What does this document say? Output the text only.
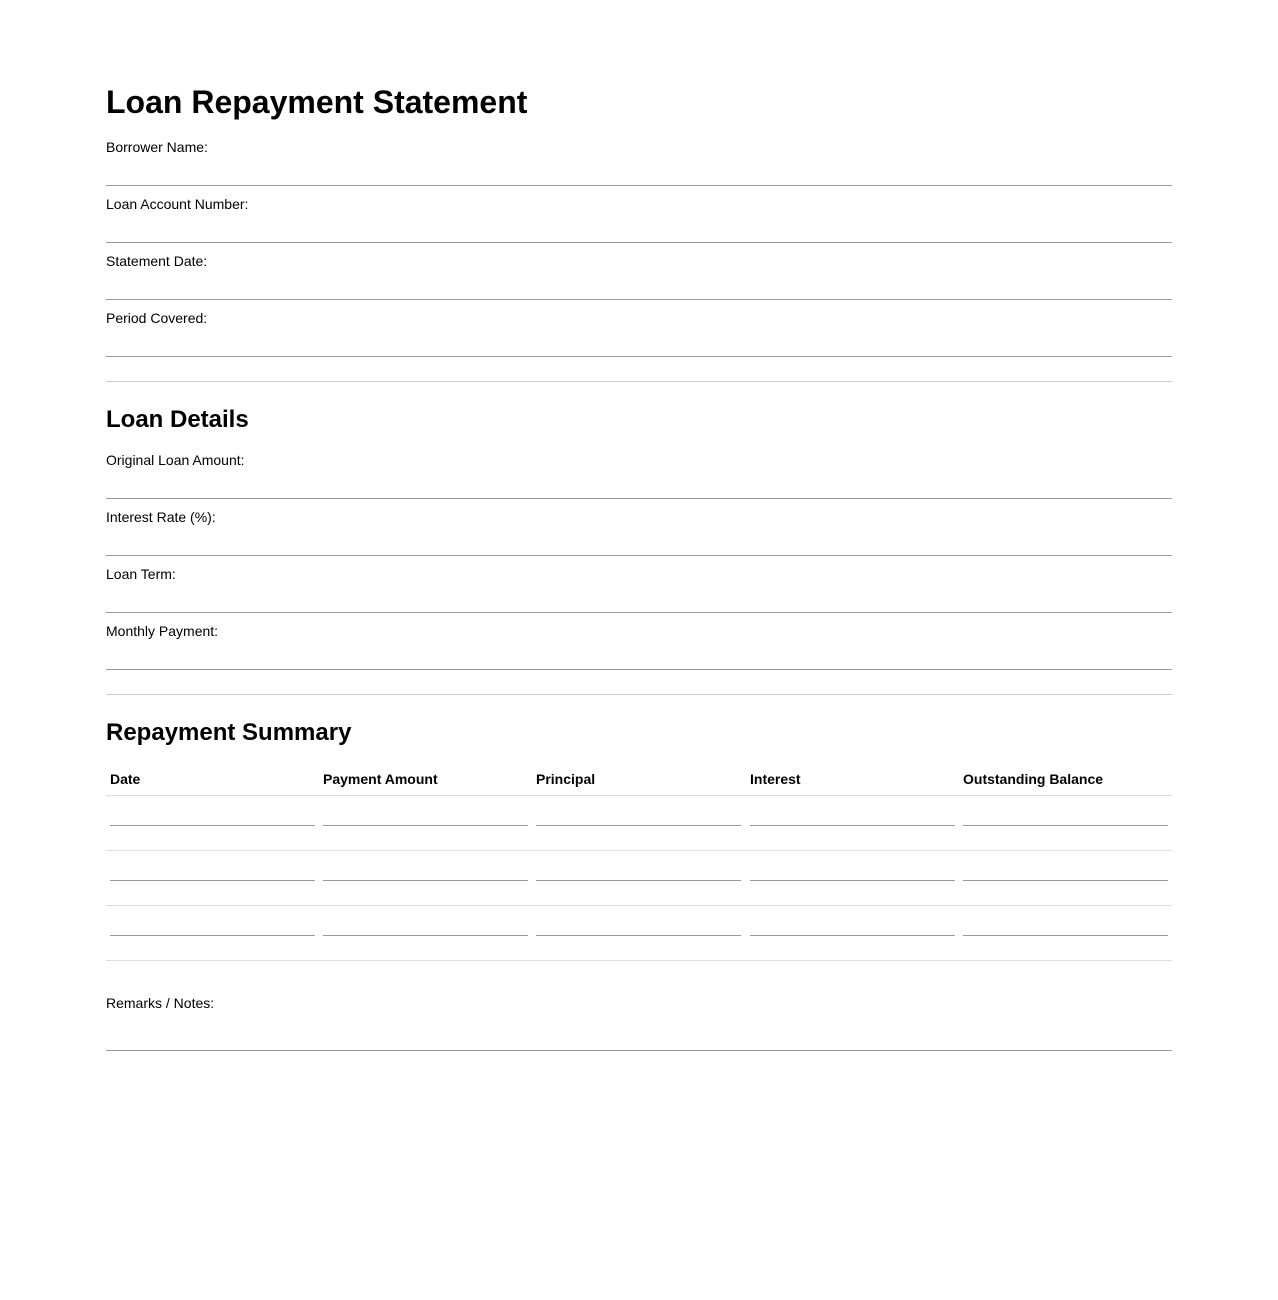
Loan Repayment Statement
Borrower Name:
Loan Account Number:
Statement Date:
Period Covered:
Loan Details
Original Loan Amount:
Interest Rate (%):
Loan Term:
Monthly Payment:
Repayment Summary
Date	Payment Amount	Principal	Interest	Outstanding Balance
Remarks / Notes:
